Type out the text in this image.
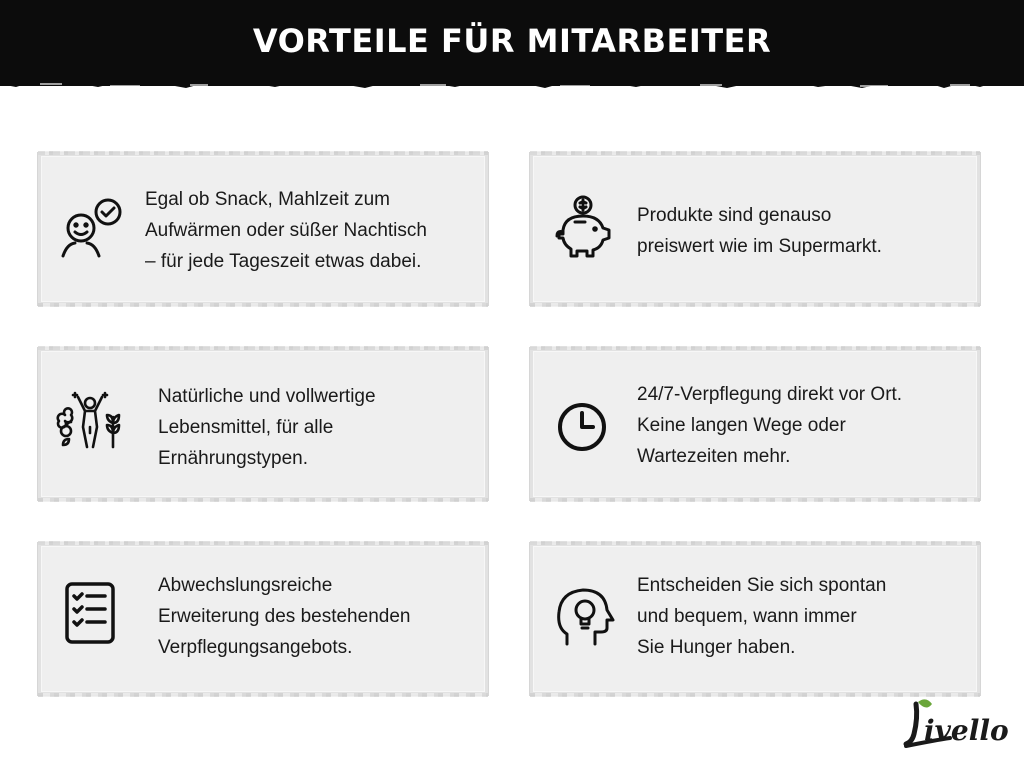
VORTEILE FÜR MITARBEITER
Egal ob Snack, Mahlzeit zum
Aufwärmen oder süßer Nachtisch
– für jede Tageszeit etwas dabei.
Produkte sind genauso
preiswert wie im Supermarkt.
Natürliche und vollwertige
Lebensmittel, für alle
Ernährungstypen.
24/7-Verpflegung direkt vor Ort.
Keine langen Wege oder
Wartezeiten mehr.
Abwechslungsreiche
Erweiterung des bestehenden
Verpflegungsangebots.
Entscheiden Sie sich spontan
und bequem, wann immer
Sie Hunger haben.
ivello
